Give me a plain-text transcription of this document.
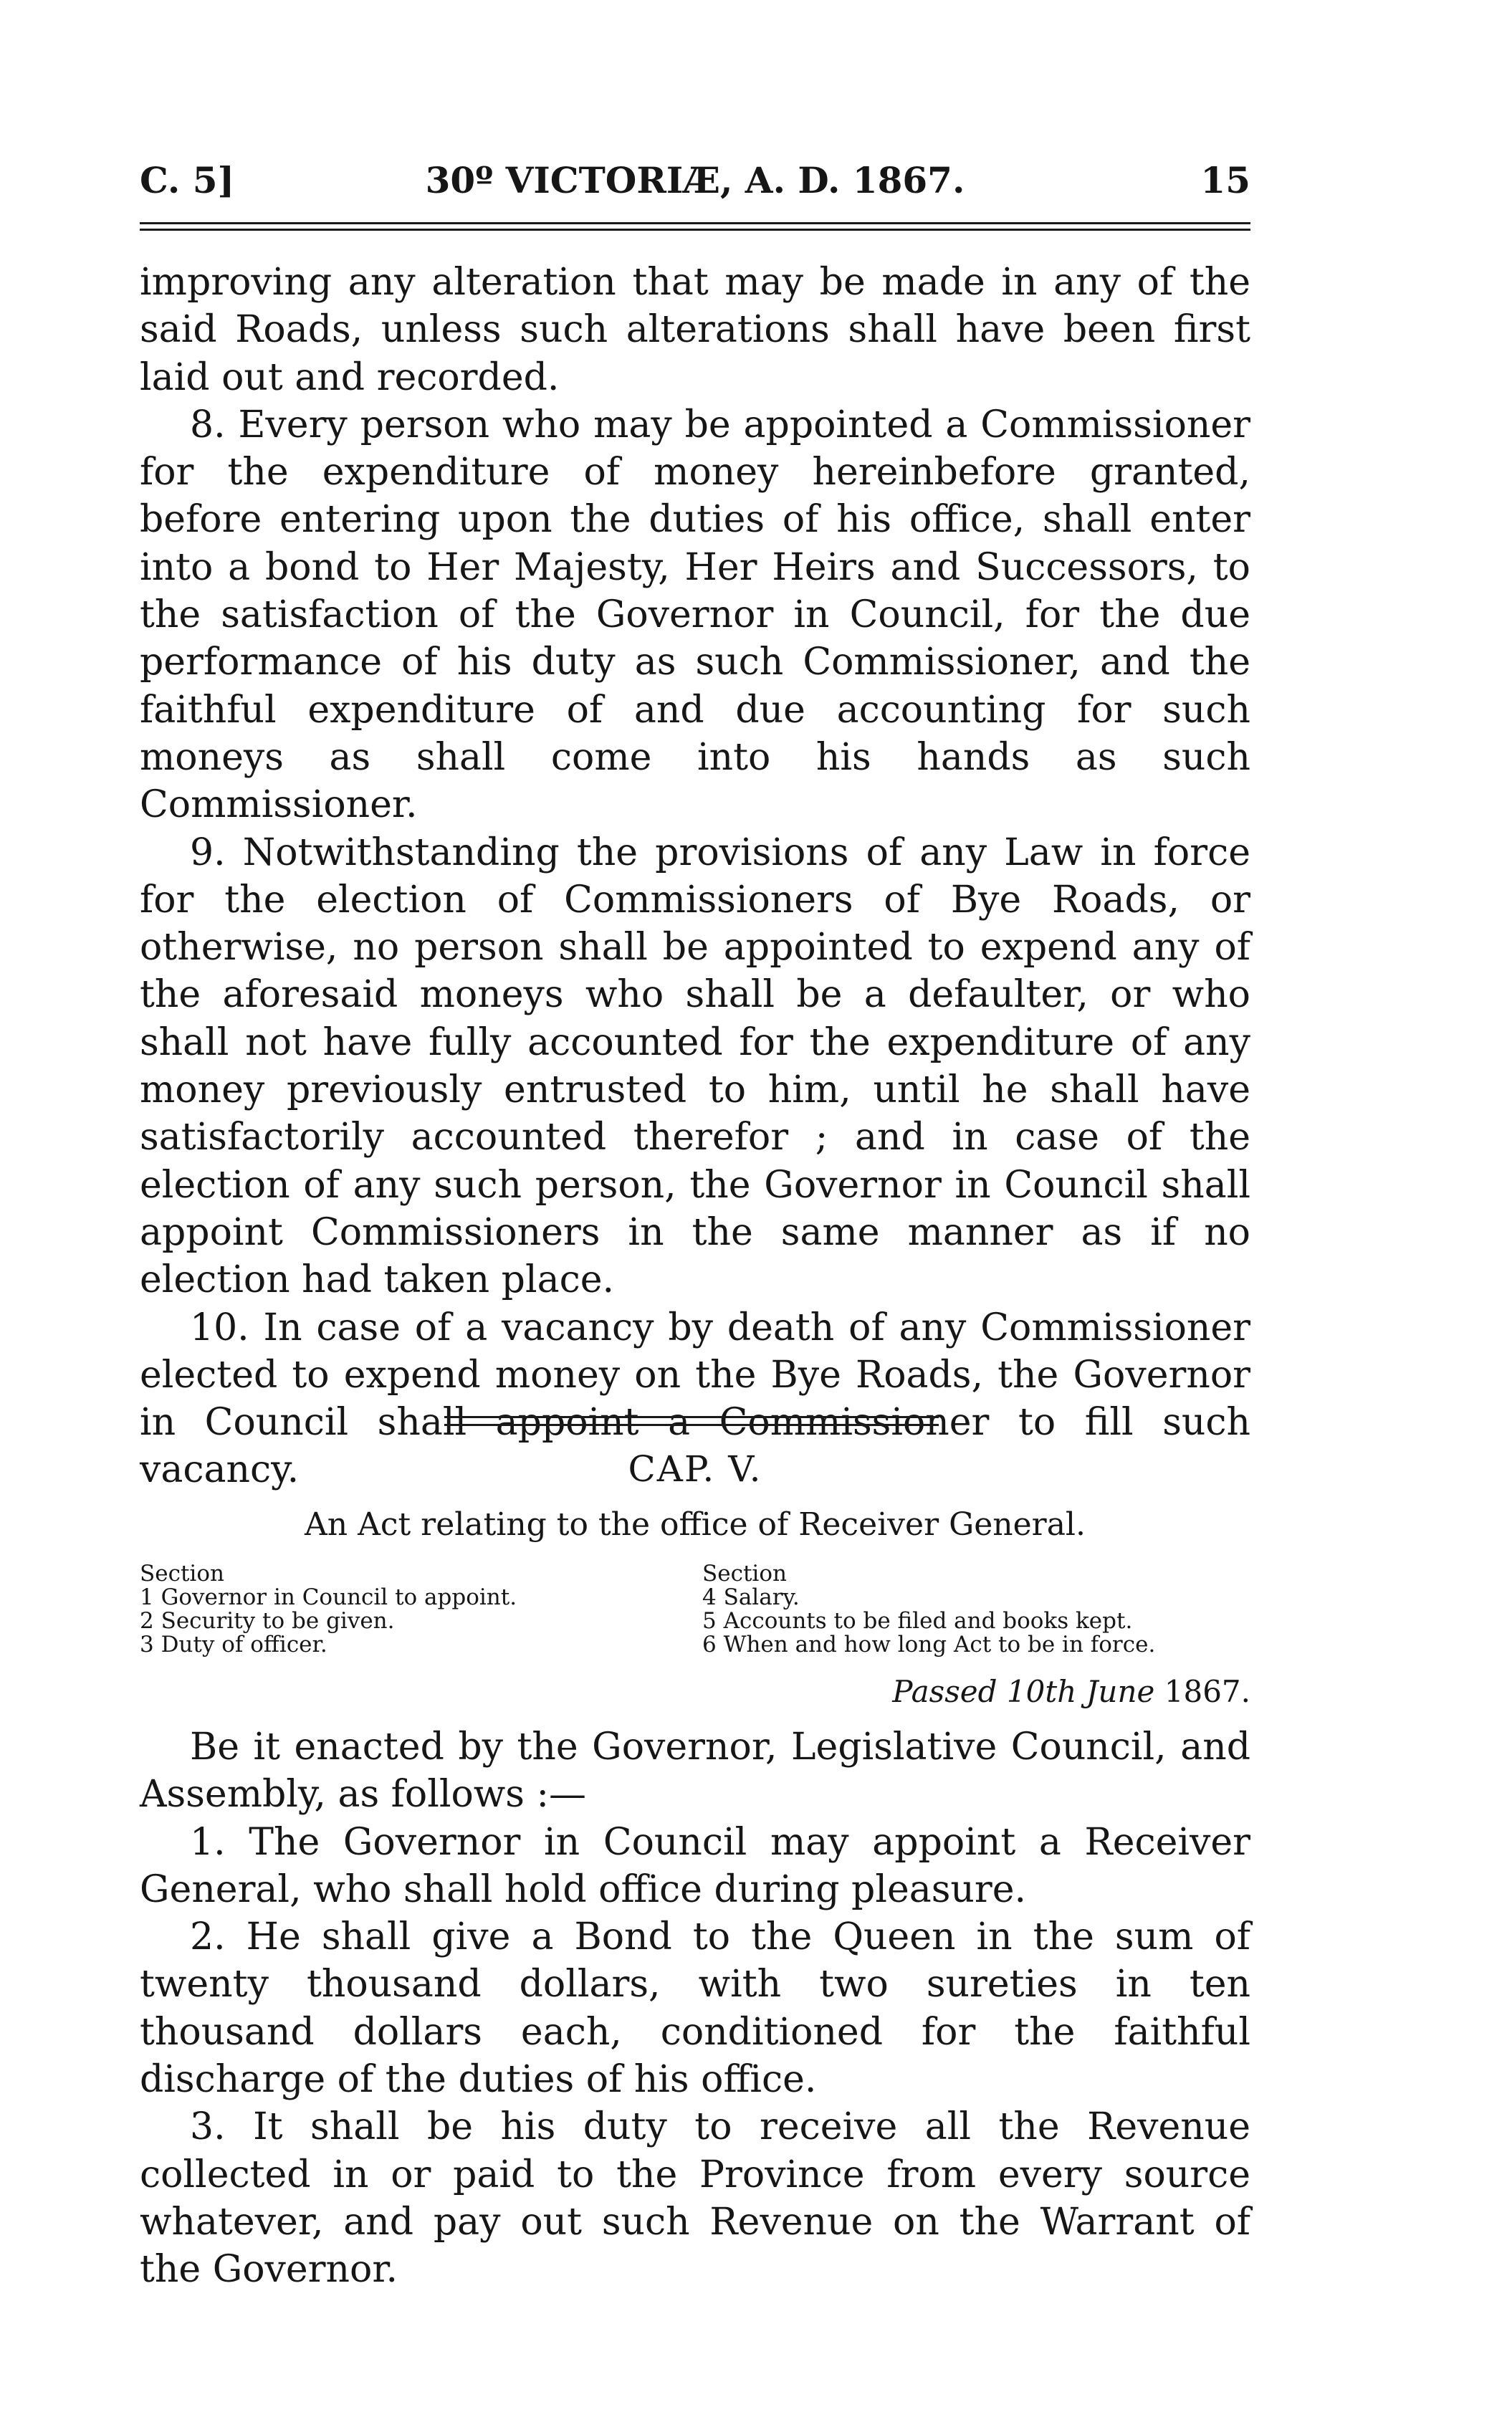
C. 5]	30º VICTORIÆ, A. D. 1867.	15

improving any alteration that may be made in any of the said Roads, unless such alterations shall have been first laid out and recorded.

8. Every person who may be appointed a Commissioner for the expenditure of money hereinbefore granted, before entering upon the duties of his office, shall enter into a bond to Her Majesty, Her Heirs and Successors, to the satisfaction of the Governor in Council, for the due performance of his duty as such Commissioner, and the faithful expenditure of and due accounting for such moneys as shall come into his hands as such Commissioner.

9. Notwithstanding the provisions of any Law in force for the election of Commissioners of Bye Roads, or otherwise, no person shall be appointed to expend any of the aforesaid moneys who shall be a defaulter, or who shall not have fully accounted for the expenditure of any money previously entrusted to him, until he shall have satisfactorily accounted therefor ; and in case of the election of any such person, the Governor in Council shall appoint Commissioners in the same manner as if no election had taken place.

10. In case of a vacancy by death of any Commissioner elected to expend money on the Bye Roads, the Governor in Council shall appoint a Commissioner to fill such vacancy.	CAP. V.
An Act relating to the office of Receiver General.
Section
1 Governor in Council to appoint.
2 Security to be given.
3 Duty of officer.
Section
4 Salary.
5 Accounts to be filed and books kept.
6 When and how long Act to be in force.
Passed 10th June 1867.

Be it enacted by the Governor, Legislative Council, and Assembly, as follows :—

1. The Governor in Council may appoint a Receiver General, who shall hold office during pleasure.

2. He shall give a Bond to the Queen in the sum of twenty thousand dollars, with two sureties in ten thousand dollars each, conditioned for the faithful discharge of the duties of his office.

3. It shall be his duty to receive all the Revenue collected in or paid to the Province from every source whatever, and pay out such Revenue on the Warrant of the Governor.
